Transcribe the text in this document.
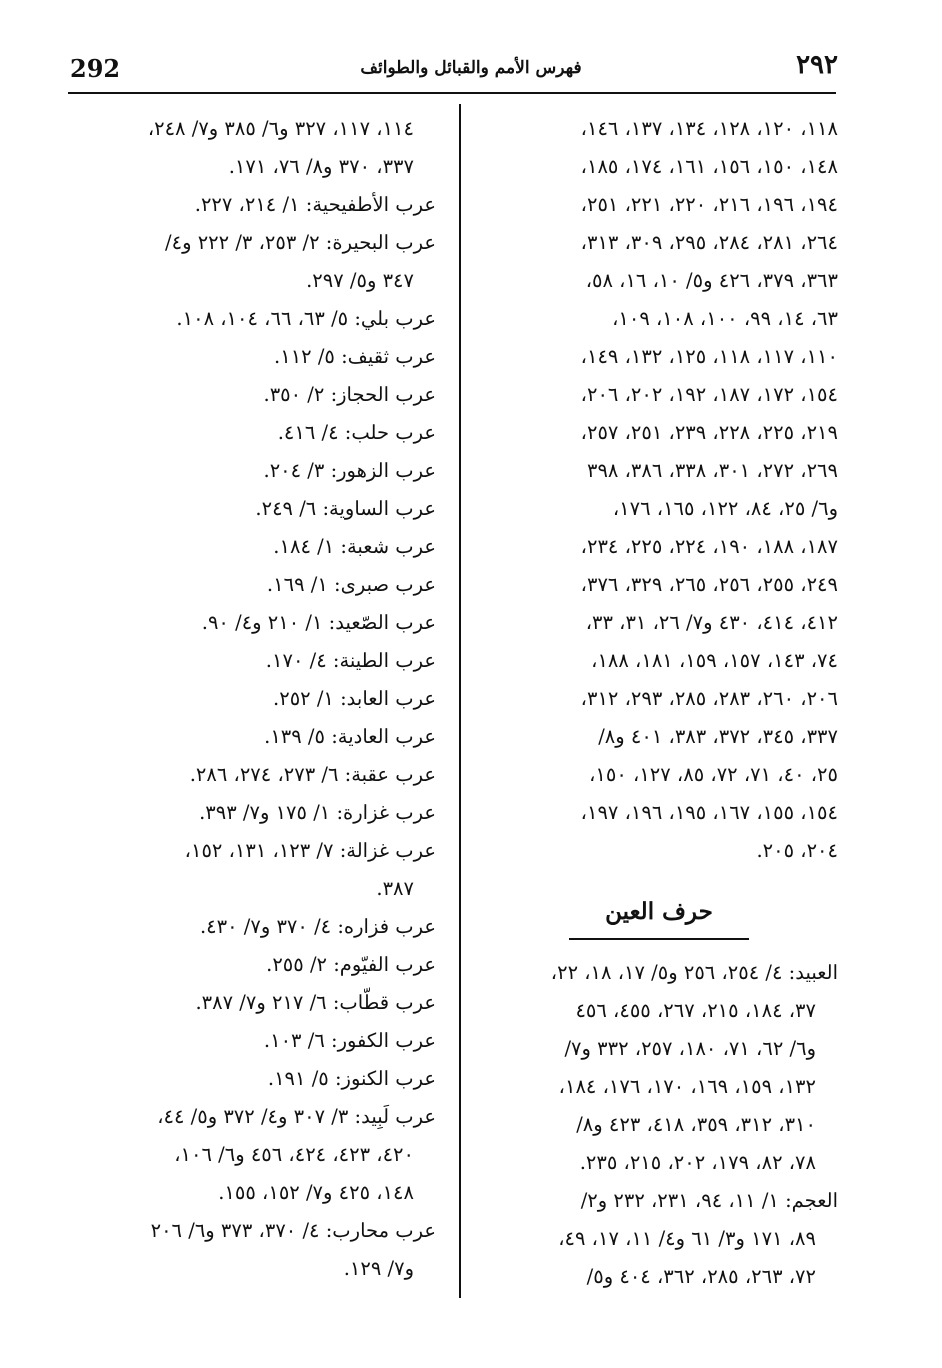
٢٩٢
فهرس الأمم والقبائل والطوائف
292
١١٨، ١٢٠، ١٢٨، ١٣٤، ١٣٧، ١٤٦،
١٤٨، ١٥٠، ١٥٦، ١٦١، ١٧٤، ١٨٥،
١٩٤، ١٩٦، ٢١٦، ٢٢٠، ٢٢١، ٢٥١،
٢٦٤، ٢٨١، ٢٨٤، ٢٩٥، ٣٠٩، ٣١٣،
٣٦٣، ٣٧٩، ٤٢٦ و٥/ ١٠، ١٦، ٥٨،
٦٣، ١٤، ٩٩، ١٠٠، ١٠٨، ١٠٩،
١١٠، ١١٧، ١١٨، ١٢٥، ١٣٢، ١٤٩،
١٥٤، ١٧٢، ١٨٧، ١٩٢، ٢٠٢، ٢٠٦،
٢١٩، ٢٢٥، ٢٢٨، ٢٣٩، ٢٥١، ٢٥٧،
٢٦٩، ٢٧٢، ٣٠١، ٣٣٨، ٣٨٦، ٣٩٨
و٦/ ٢٥، ٨٤، ١٢٢، ١٦٥، ١٧٦،
١٨٧، ١٨٨، ١٩٠، ٢٢٤، ٢٢٥، ٢٣٤،
٢٤٩، ٢٥٥، ٢٥٦، ٢٦٥، ٣٢٩، ٣٧٦،
٤١٢، ٤١٤، ٤٣٠ و٧/ ٢٦، ٣١، ٣٣،
٧٤، ١٤٣، ١٥٧، ١٥٩، ١٨١، ١٨٨،
٢٠٦، ٢٦٠، ٢٨٣، ٢٨٥، ٢٩٣، ٣١٢،
٣٣٧، ٣٤٥، ٣٧٢، ٣٨٣، ٤٠١ و٨/
٢٥، ٤٠، ٧١، ٧٢، ٨٥، ١٢٧، ١٥٠،
١٥٤، ١٥٥، ١٦٧، ١٩٥، ١٩٦، ١٩٧،
٢٠٤، ٢٠٥.
حرف العين
العبيد: ٤/ ٢٥٤، ٢٥٦ و٥/ ١٧، ١٨، ٢٢،
٣٧، ١٨٤، ٢١٥، ٢٦٧، ٤٥٥، ٤٥٦
و٦/ ٦٢، ٧١، ١٨٠، ٢٥٧، ٣٣٢ و٧/
١٣٢، ١٥٩، ١٦٩، ١٧٠، ١٧٦، ١٨٤،
٣١٠، ٣١٢، ٣٥٩، ٤١٨، ٤٢٣ و٨/
٧٨، ٨٢، ١٧٩، ٢٠٢، ٢١٥، ٢٣٥.
العجم: ١/ ١١، ٩٤، ٢٣١، ٢٣٢ و٢/
٨٩، ١٧١ و٣/ ٦١ و٤/ ١١، ١٧، ٤٩،
٧٢، ٢٦٣، ٢٨٥، ٣٦٢، ٤٠٤ و٥/
١١٤، ١١٧، ٣٢٧ و٦/ ٣٨٥ و٧/ ٢٤٨،
٣٣٧، ٣٧٠ و٨/ ٧٦، ١٧١.
عرب الأطفيحية: ١/ ٢١٤، ٢٢٧.
عرب البحيرة: ٢/ ٢٥٣، ٣/ ٢٢٢ و٤/
٣٤٧ و٥/ ٢٩٧.
عرب بلي: ٥/ ٦٣، ٦٦، ١٠٤، ١٠٨.
عرب ثقيف: ٥/ ١١٢.
عرب الحجاز: ٢/ ٣٥٠.
عرب حلب: ٤/ ٤١٦.
عرب الزهور: ٣/ ٢٠٤.
عرب الساوية: ٦/ ٢٤٩.
عرب شعبة: ١/ ١٨٤.
عرب صبرى: ١/ ١٦٩.
عرب الصّعيد: ١/ ٢١٠ و٤/ ٩٠.
عرب الطينة: ٤/ ١٧٠.
عرب العابد: ١/ ٢٥٢.
عرب العادية: ٥/ ١٣٩.
عرب عقبة: ٦/ ٢٧٣، ٢٧٤، ٢٨٦.
عرب غزارة: ١/ ١٧٥ و٧/ ٣٩٣.
عرب غزالة: ٧/ ١٢٣، ١٣١، ١٥٢،
٣٨٧.
عرب فزاره: ٤/ ٣٧٠ و٧/ ٤٣٠.
عرب الفيّوم: ٢/ ٢٥٥.
عرب قطّاب: ٦/ ٢١٧ و٧/ ٣٨٧.
عرب الكفور: ٦/ ١٠٣.
عرب الكنوز: ٥/ ١٩١.
عرب لَبِيد: ٣/ ٣٠٧ و٤/ ٣٧٢ و٥/ ٤٤،
٤٢٠، ٤٢٣، ٤٢٤، ٤٥٦ و٦/ ١٠٦،
١٤٨، ٤٢٥ و٧/ ١٥٢، ١٥٥.
عرب محارب: ٤/ ٣٧٠، ٣٧٣ و٦/ ٢٠٦
و٧/ ١٢٩.
